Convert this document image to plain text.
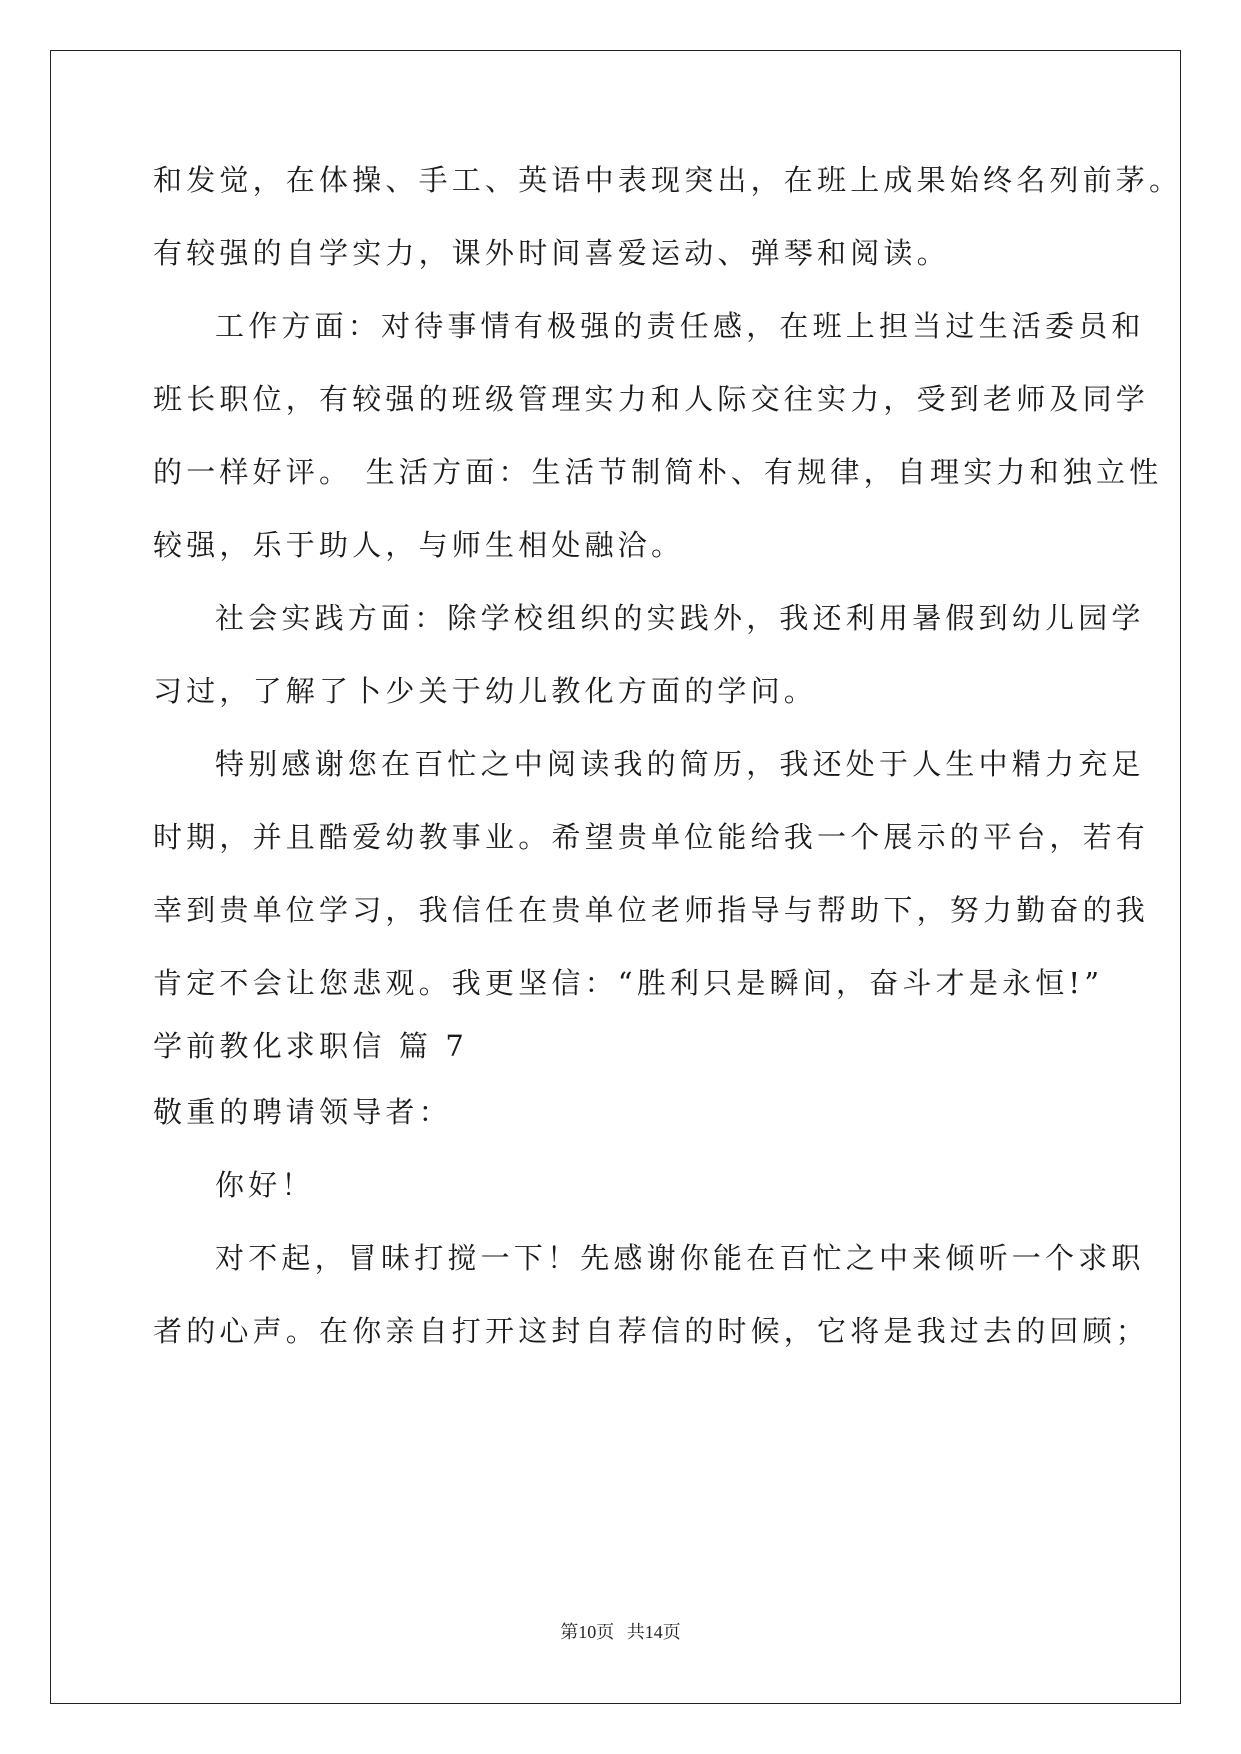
和发觉，在体操、手工、英语中表现突出，在班上成果始终名列前茅。
有较强的自学实力，课外时间喜爱运动、弹琴和阅读。
工作方面：对待事情有极强的责任感，在班上担当过生活委员和
班长职位，有较强的班级管理实力和人际交往实力，受到老师及同学
的一样好评。 生活方面：生活节制简朴、有规律，自理实力和独立性
较强，乐于助人，与师生相处融洽。
社会实践方面：除学校组织的实践外，我还利用暑假到幼儿园学
习过，了解了卜少关于幼儿教化方面的学问。
特别感谢您在百忙之中阅读我的简历，我还处于人生中精力充足
时期，并且酷爱幼教事业。希望贵单位能给我一个展示的平台，若有
幸到贵单位学习，我信任在贵单位老师指导与帮助下，努力勤奋的我
肯定不会让您悲观。我更坚信：“胜利只是瞬间，奋斗才是永恒!”
学前教化求职信 篇 7
敬重的聘请领导者：
你好！
对不起，冒昧打搅一下！先感谢你能在百忙之中来倾听一个求职
者的心声。在你亲自打开这封自荐信的时候，它将是我过去的回顾；
第10页 共14页
